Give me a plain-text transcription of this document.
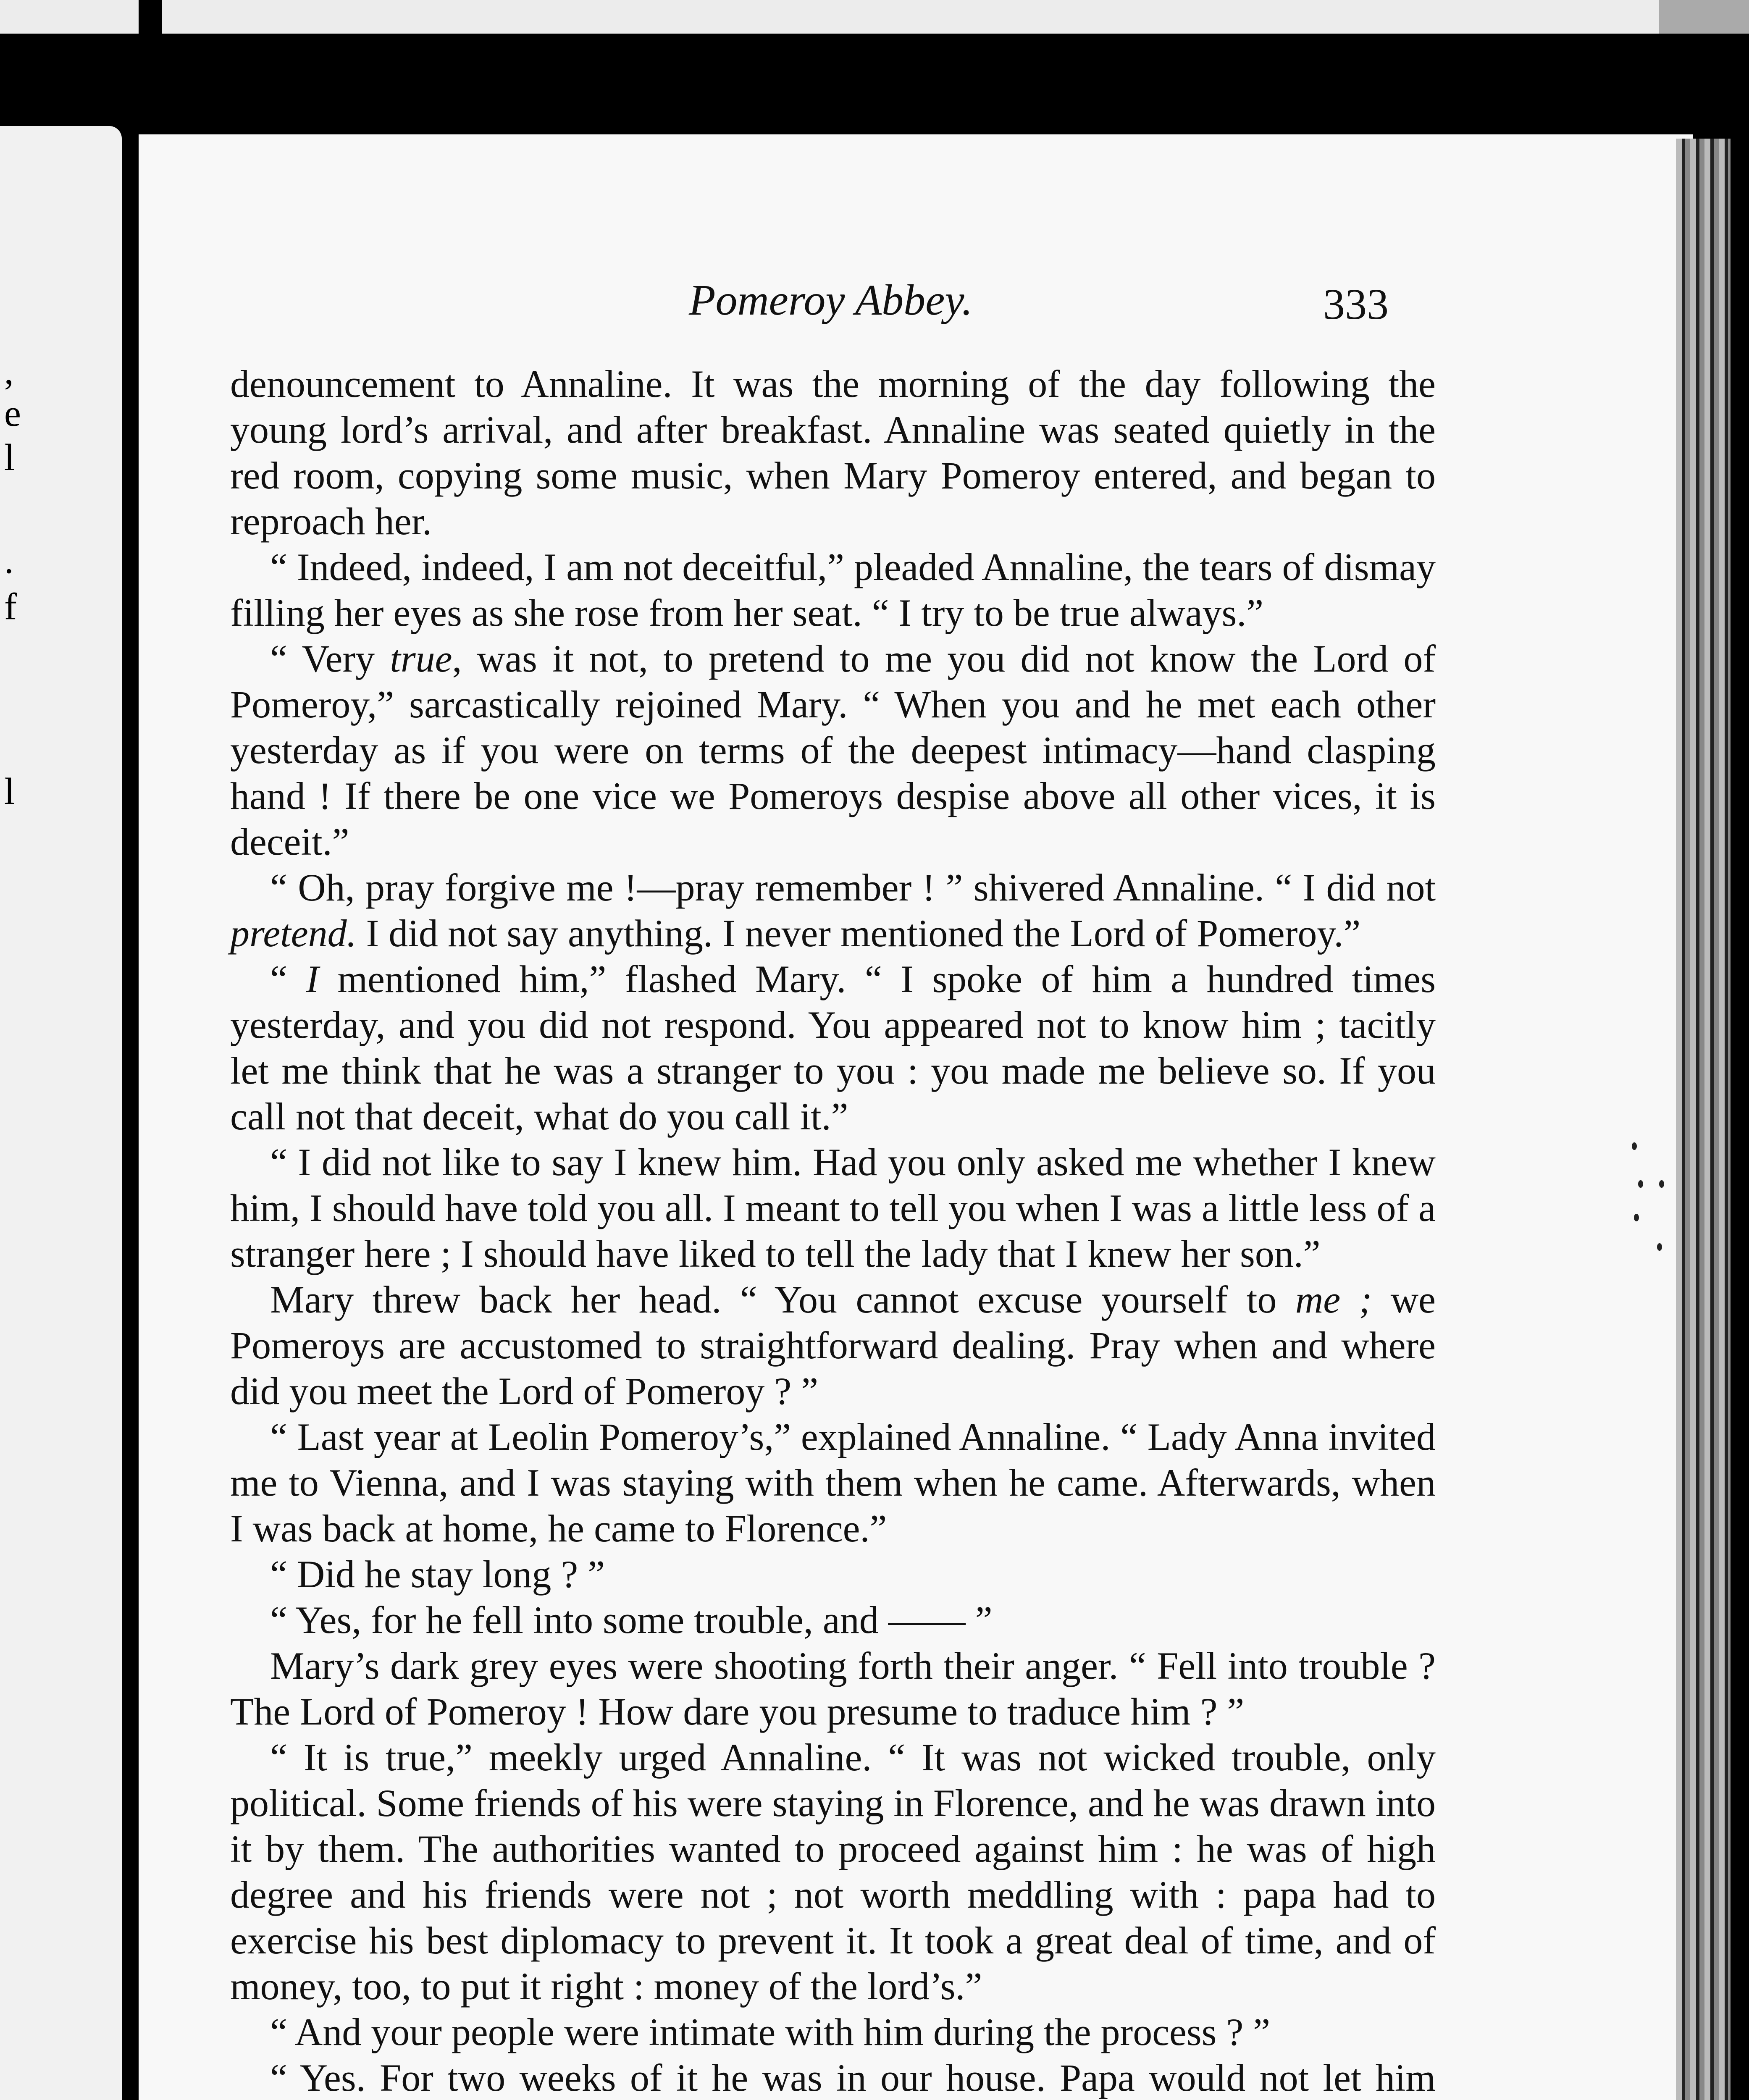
,
e
l
.
f
l
Pomeroy Abbey.	333

denouncement to Annaline. It was the morning of the day following the young lord’s arrival, and after breakfast. Annaline was seated quietly in the red room, copying some music, when Mary Pomeroy entered, and began to reproach her.

“ Indeed, indeed, I am not deceitful,” pleaded Annaline, the tears of dismay filling her eyes as she rose from her seat. “ I try to be true always.”

“ Very true, was it not, to pretend to me you did not know the Lord of Pomeroy,” sarcastically rejoined Mary. “ When you and he met each other yesterday as if you were on terms of the deepest intimacy—hand clasping hand ! If there be one vice we Pomeroys despise above all other vices, it is deceit.”

“ Oh, pray forgive me !—pray remember ! ” shivered Annaline. “ I did not pretend. I did not say anything. I never mentioned the Lord of Pomeroy.”

“ I mentioned him,” flashed Mary. “ I spoke of him a hundred times yesterday, and you did not respond. You appeared not to know him ; tacitly let me think that he was a stranger to you : you made me believe so. If you call not that deceit, what do you call it.”

“ I did not like to say I knew him. Had you only asked me whether I knew him, I should have told you all. I meant to tell you when I was a little less of a stranger here ; I should have liked to tell the lady that I knew her son.”

Mary threw back her head. “ You cannot excuse yourself to me ; we Pomeroys are accustomed to straightforward dealing. Pray when and where did you meet the Lord of Pomeroy ? ”

“ Last year at Leolin Pomeroy’s,” explained Annaline. “ Lady Anna invited me to Vienna, and I was staying with them when he came. Afterwards, when I was back at home, he came to Florence.”

“ Did he stay long ? ”

“ Yes, for he fell into some trouble, and —— ”

Mary’s dark grey eyes were shooting forth their anger. “ Fell into trouble ? The Lord of Pomeroy ! How dare you presume to traduce him ? ”

“ It is true,” meekly urged Annaline. “ It was not wicked trouble, only political. Some friends of his were staying in Florence, and he was drawn into it by them. The authorities wanted to proceed against him : he was of high degree and his friends were not ; not worth meddling with : papa had to exercise his best diplomacy to prevent it. It took a great deal of time, and of money, too, to put it right : money of the lord’s.”

“ And your people were intimate with him during the process ? ”

“ Yes. For two weeks of it he was in our house. Papa would not let him
